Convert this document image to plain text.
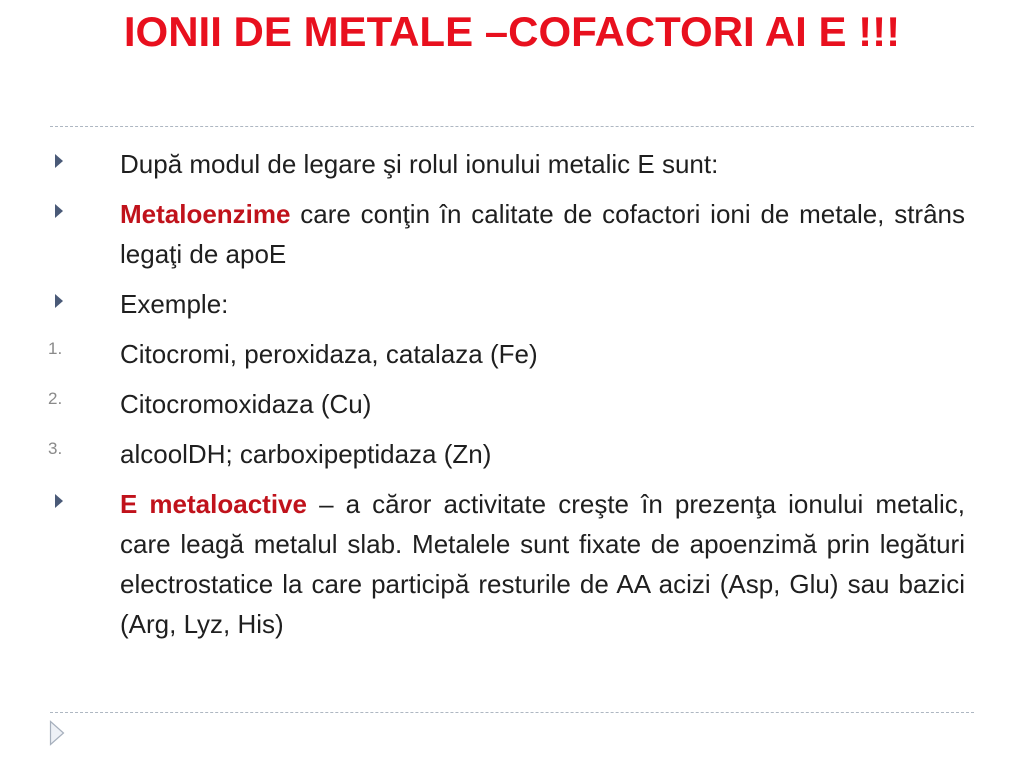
IONII DE METALE –COFACTORI AI E !!!
După modul de legare şi rolul ionului metalic E sunt:
Metaloenzime care conţin în calitate de cofactori ioni de metale, strâns legaţi de apoE
Exemple:
1. Citocromi, peroxidaza, catalaza (Fe)
2. Citocromoxidaza (Cu)
3. alcoolDH; carboxipeptidaza (Zn)
E metaloactive – a căror activitate creşte în prezenţa ionului metalic, care leagă metalul slab. Metalele sunt fixate de apoenzimă prin legături electrostatice la care participă resturile de AA acizi (Asp, Glu) sau bazici (Arg, Lyz, His)
